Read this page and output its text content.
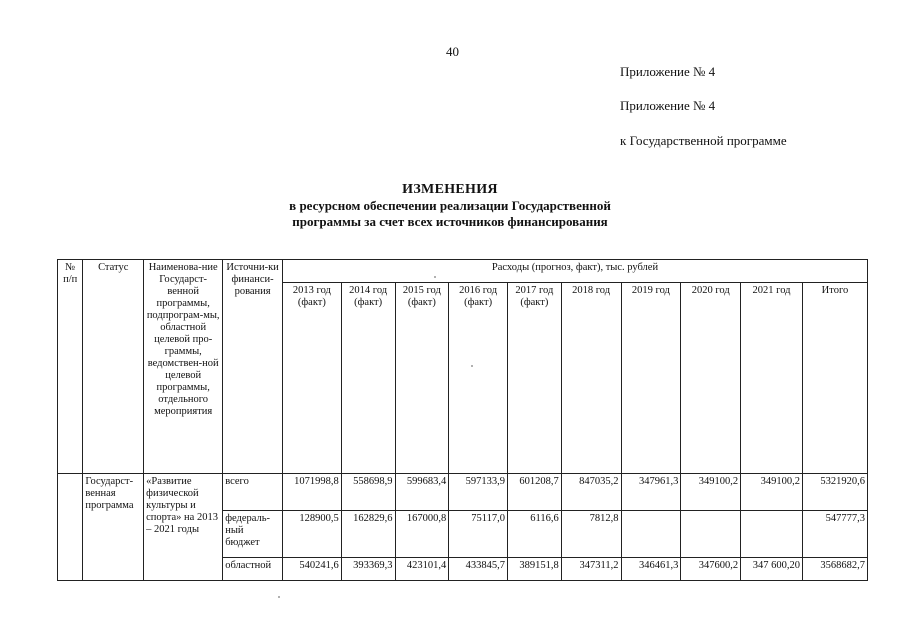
40
Приложение № 4
Приложение № 4
к Государственной программе
ИЗМЕНЕНИЯ
в ресурсном обеспечении реализации Государственной
программы за счет всех источников финансирования
№ п/п	Статус	Наименова-ние Государст-венной программы, подпрограм-мы, областной целевой про-граммы, ведомствен-ной целевой программы, отдельного мероприятия	Источни-ки финанси-рования	Расходы (прогноз, факт), тыс. рублей									
				2013 год (факт)	2014 год (факт)	2015 год (факт)	2016 год (факт)	2017 год (факт)	2018 год	2019 год	2020 год	2021 год	Итого
	Государст-венная программа	«Развитие физической культуры и спорта» на 2013 – 2021 годы	всего	1071998,8	558698,9	599683,4	597133,9	601208,7	847035,2	347961,3	349100,2	349100,2	5321920,6
			федераль-ный бюджет	128900,5	162829,6	167000,8	75117,0	6116,6	7812,8				547777,3
			областной	540241,6	393369,3	423101,4	433845,7	389151,8	347311,2	346461,3	347600,2	347 600,20	3568682,7
